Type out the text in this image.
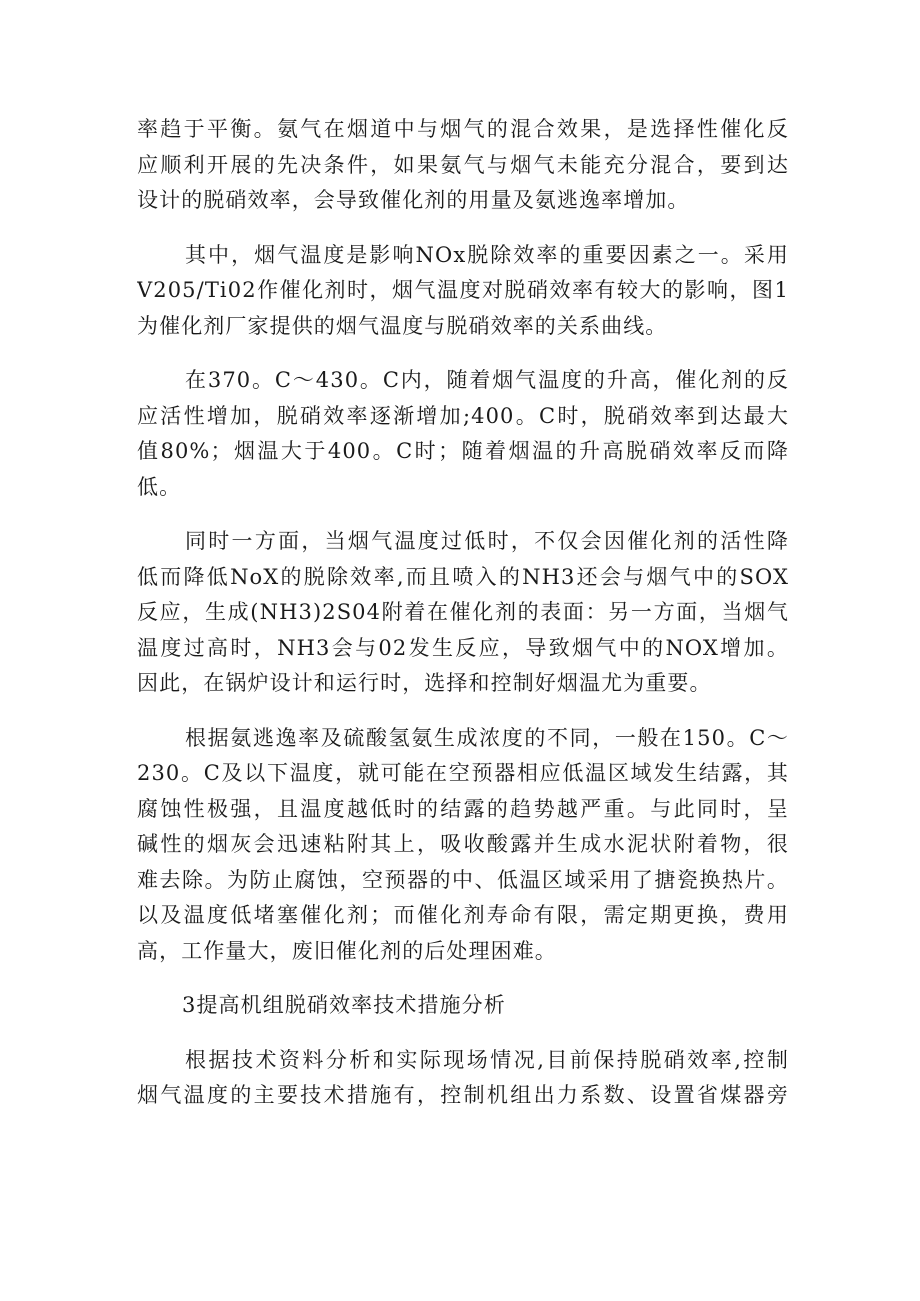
率趋于平衡。氨气在烟道中与烟气的混合效果，是选择性催化反
应顺利开展的先决条件，如果氨气与烟气未能充分混合，要到达
设计的脱硝效率，会导致催化剂的用量及氨逃逸率增加。
其中，烟气温度是影响NOx脱除效率的重要因素之一。采用
V205/Ti02作催化剂时，烟气温度对脱硝效率有较大的影响，图1
为催化剂厂家提供的烟气温度与脱硝效率的关系曲线。
在370。C～430。C内，随着烟气温度的升高，催化剂的反
应活性增加，脱硝效率逐渐增加;400。C时，脱硝效率到达最大
值80%；烟温大于400。C时；随着烟温的升高脱硝效率反而降
低。
同时一方面，当烟气温度过低时，不仅会因催化剂的活性降
低而降低NoX的脱除效率,而且喷入的NH3还会与烟气中的SOX
反应，生成(NH3)2S04附着在催化剂的表面：另一方面，当烟气
温度过高时，NH3会与02发生反应，导致烟气中的NOX增加。
因此，在锅炉设计和运行时，选择和控制好烟温尤为重要。
根据氨逃逸率及硫酸氢氨生成浓度的不同，一般在150。C～
230。C及以下温度，就可能在空预器相应低温区域发生结露，其
腐蚀性极强，且温度越低时的结露的趋势越严重。与此同时，呈
碱性的烟灰会迅速粘附其上，吸收酸露并生成水泥状附着物，很
难去除。为防止腐蚀，空预器的中、低温区域采用了搪瓷换热片。
以及温度低堵塞催化剂；而催化剂寿命有限，需定期更换，费用
高，工作量大，废旧催化剂的后处理困难。
3提高机组脱硝效率技术措施分析
根据技术资料分析和实际现场情况,目前保持脱硝效率,控制
烟气温度的主要技术措施有，控制机组出力系数、设置省煤器旁
